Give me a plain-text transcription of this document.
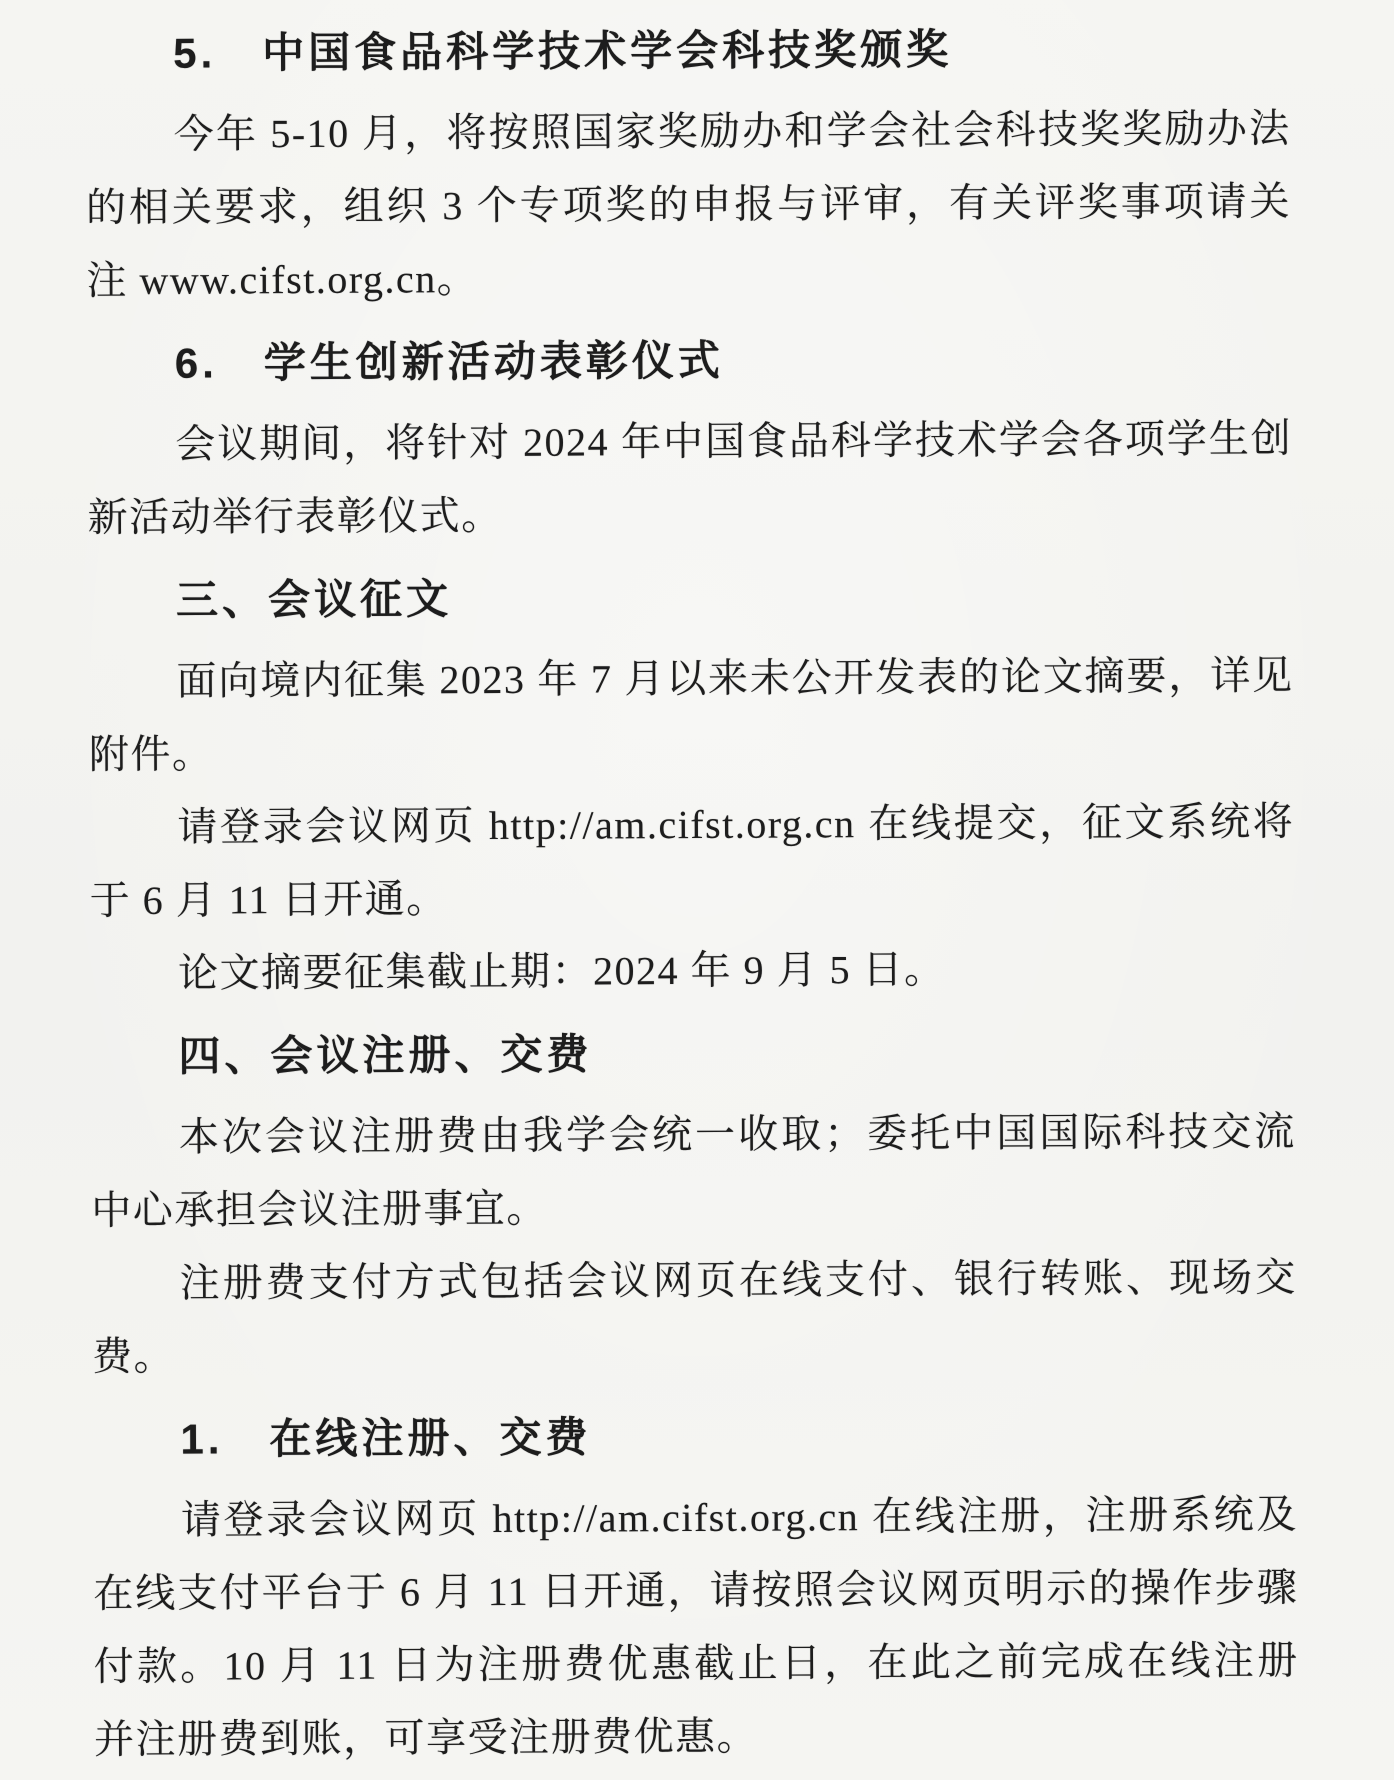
5.　中国食品科学技术学会科技奖颁奖
今年 5-10 月，将按照国家奖励办和学会社会科技奖奖励办法
的相关要求，组织 3 个专项奖的申报与评审，有关评奖事项请关
注 www.cifst.org.cn。
6.　学生创新活动表彰仪式
会议期间，将针对 2024 年中国食品科学技术学会各项学生创
新活动举行表彰仪式。
三、会议征文
面向境内征集 2023 年 7 月以来未公开发表的论文摘要，详见
附件。
请登录会议网页 http://am.cifst.org.cn 在线提交，征文系统将
于 6 月 11 日开通。
论文摘要征集截止期：2024 年 9 月 5 日。
四、会议注册、交费
本次会议注册费由我学会统一收取；委托中国国际科技交流
中心承担会议注册事宜。
注册费支付方式包括会议网页在线支付、银行转账、现场交
费。
1.　在线注册、交费
请登录会议网页 http://am.cifst.org.cn 在线注册，注册系统及
在线支付平台于 6 月 11 日开通，请按照会议网页明示的操作步骤
付款。10 月 11 日为注册费优惠截止日，在此之前完成在线注册
并注册费到账，可享受注册费优惠。
